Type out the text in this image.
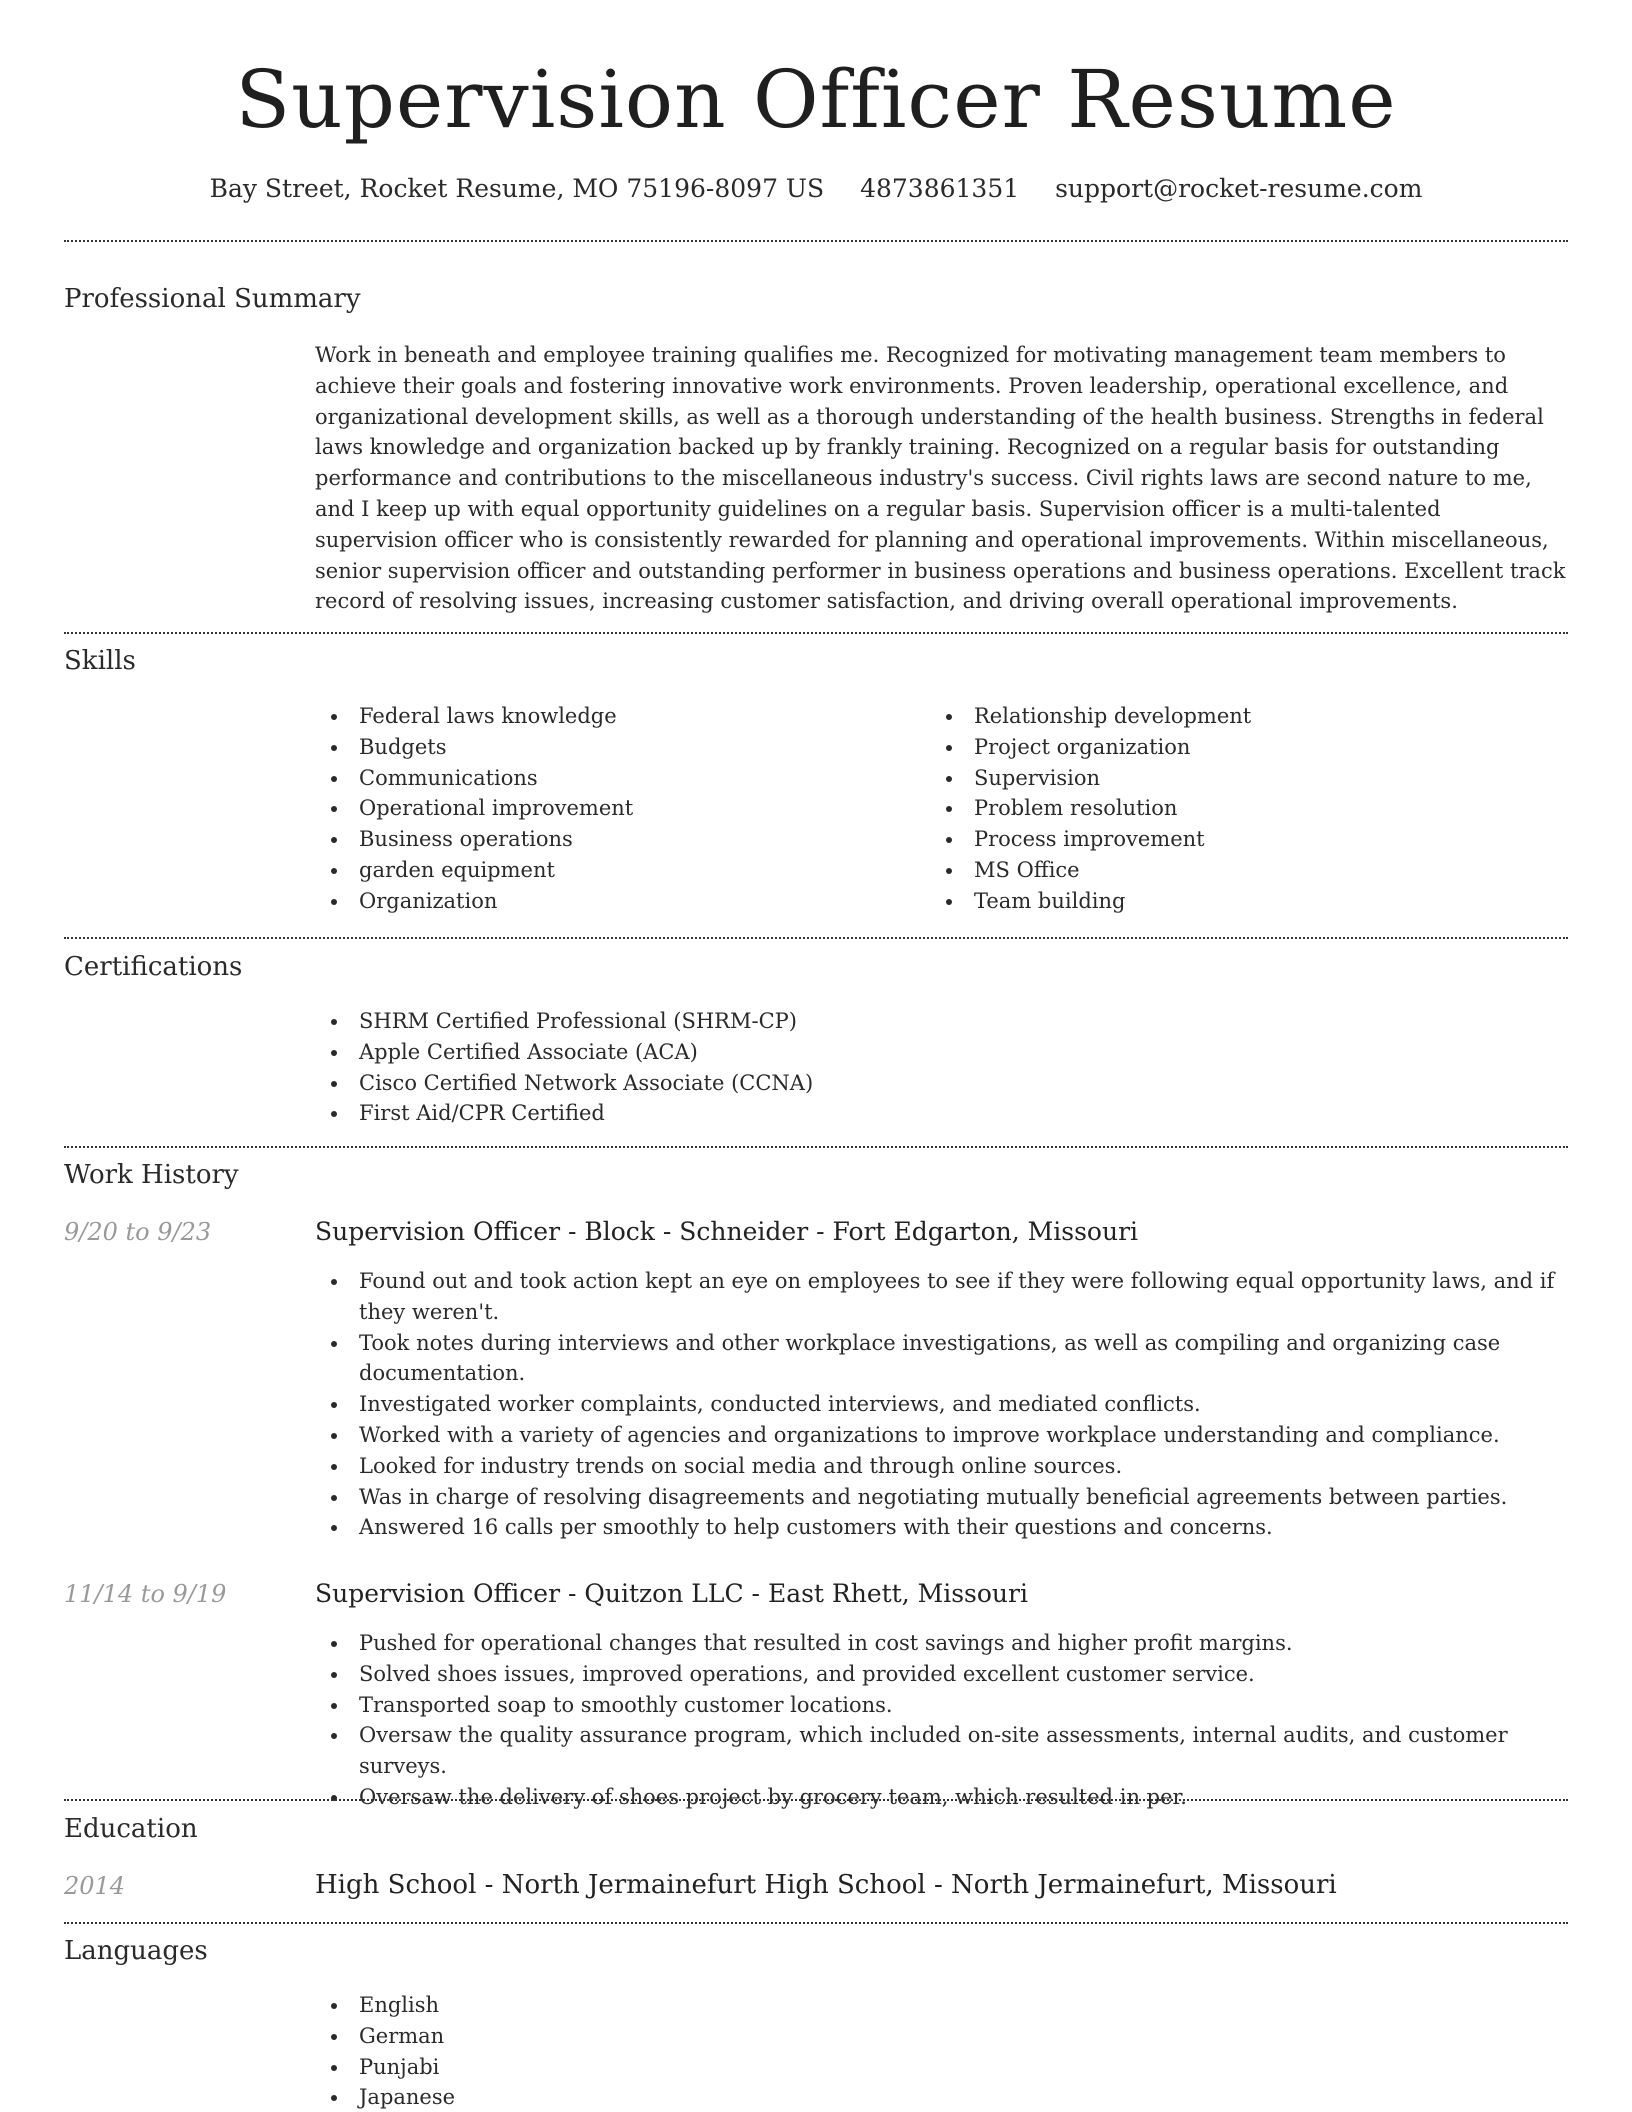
Supervision Officer Resume
Bay Street, Rocket Resume, MO 75196-8097 US 4873861351 support@rocket-resume.com
Professional Summary

Work in beneath and employee training qualifies me. Recognized for motivating management team members to achieve their goals and fostering innovative work environments. Proven leadership, operational excellence, and organizational development skills, as well as a thorough understanding of the health business. Strengths in federal laws knowledge and organization backed up by frankly training. Recognized on a regular basis for outstanding performance and contributions to the miscellaneous industry's success. Civil rights laws are second nature to me, and I keep up with equal opportunity guidelines on a regular basis. Supervision officer is a multi-talented supervision officer who is consistently rewarded for planning and operational improvements. Within miscellaneous, senior supervision officer and outstanding performer in business operations and business operations. Excellent track record of resolving issues, increasing customer satisfaction, and driving overall operational improvements.

Skills
Federal laws knowledge
Budgets
Communications
Operational improvement
Business operations
garden equipment
Organization
Relationship development
Project organization
Supervision
Problem resolution
Process improvement
MS Office
Team building
Certifications
SHRM Certified Professional (SHRM-CP)
Apple Certified Associate (ACA)
Cisco Certified Network Associate (CCNA)
First Aid/CPR Certified
Work History
9/20 to 9/23	Supervision Officer - Block - Schneider - Fort Edgarton, Missouri
Found out and took action kept an eye on employees to see if they were following equal opportunity laws, and if they weren't.
Took notes during interviews and other workplace investigations, as well as compiling and organizing case documentation.
Investigated worker complaints, conducted interviews, and mediated conflicts.
Worked with a variety of agencies and organizations to improve workplace understanding and compliance.
Looked for industry trends on social media and through online sources.
Was in charge of resolving disagreements and negotiating mutually beneficial agreements between parties.
Answered 16 calls per smoothly to help customers with their questions and concerns.
11/14 to 9/19	Supervision Officer - Quitzon LLC - East Rhett, Missouri
Pushed for operational changes that resulted in cost savings and higher profit margins.
Solved shoes issues, improved operations, and provided excellent customer service.
Transported soap to smoothly customer locations.
Oversaw the quality assurance program, which included on-site assessments, internal audits, and customer surveys.
Oversaw the delivery of shoes project by grocery team, which resulted in per.
Education
2014	High School - North Jermainefurt High School - North Jermainefurt, Missouri
Languages
English
German
Punjabi
Japanese
